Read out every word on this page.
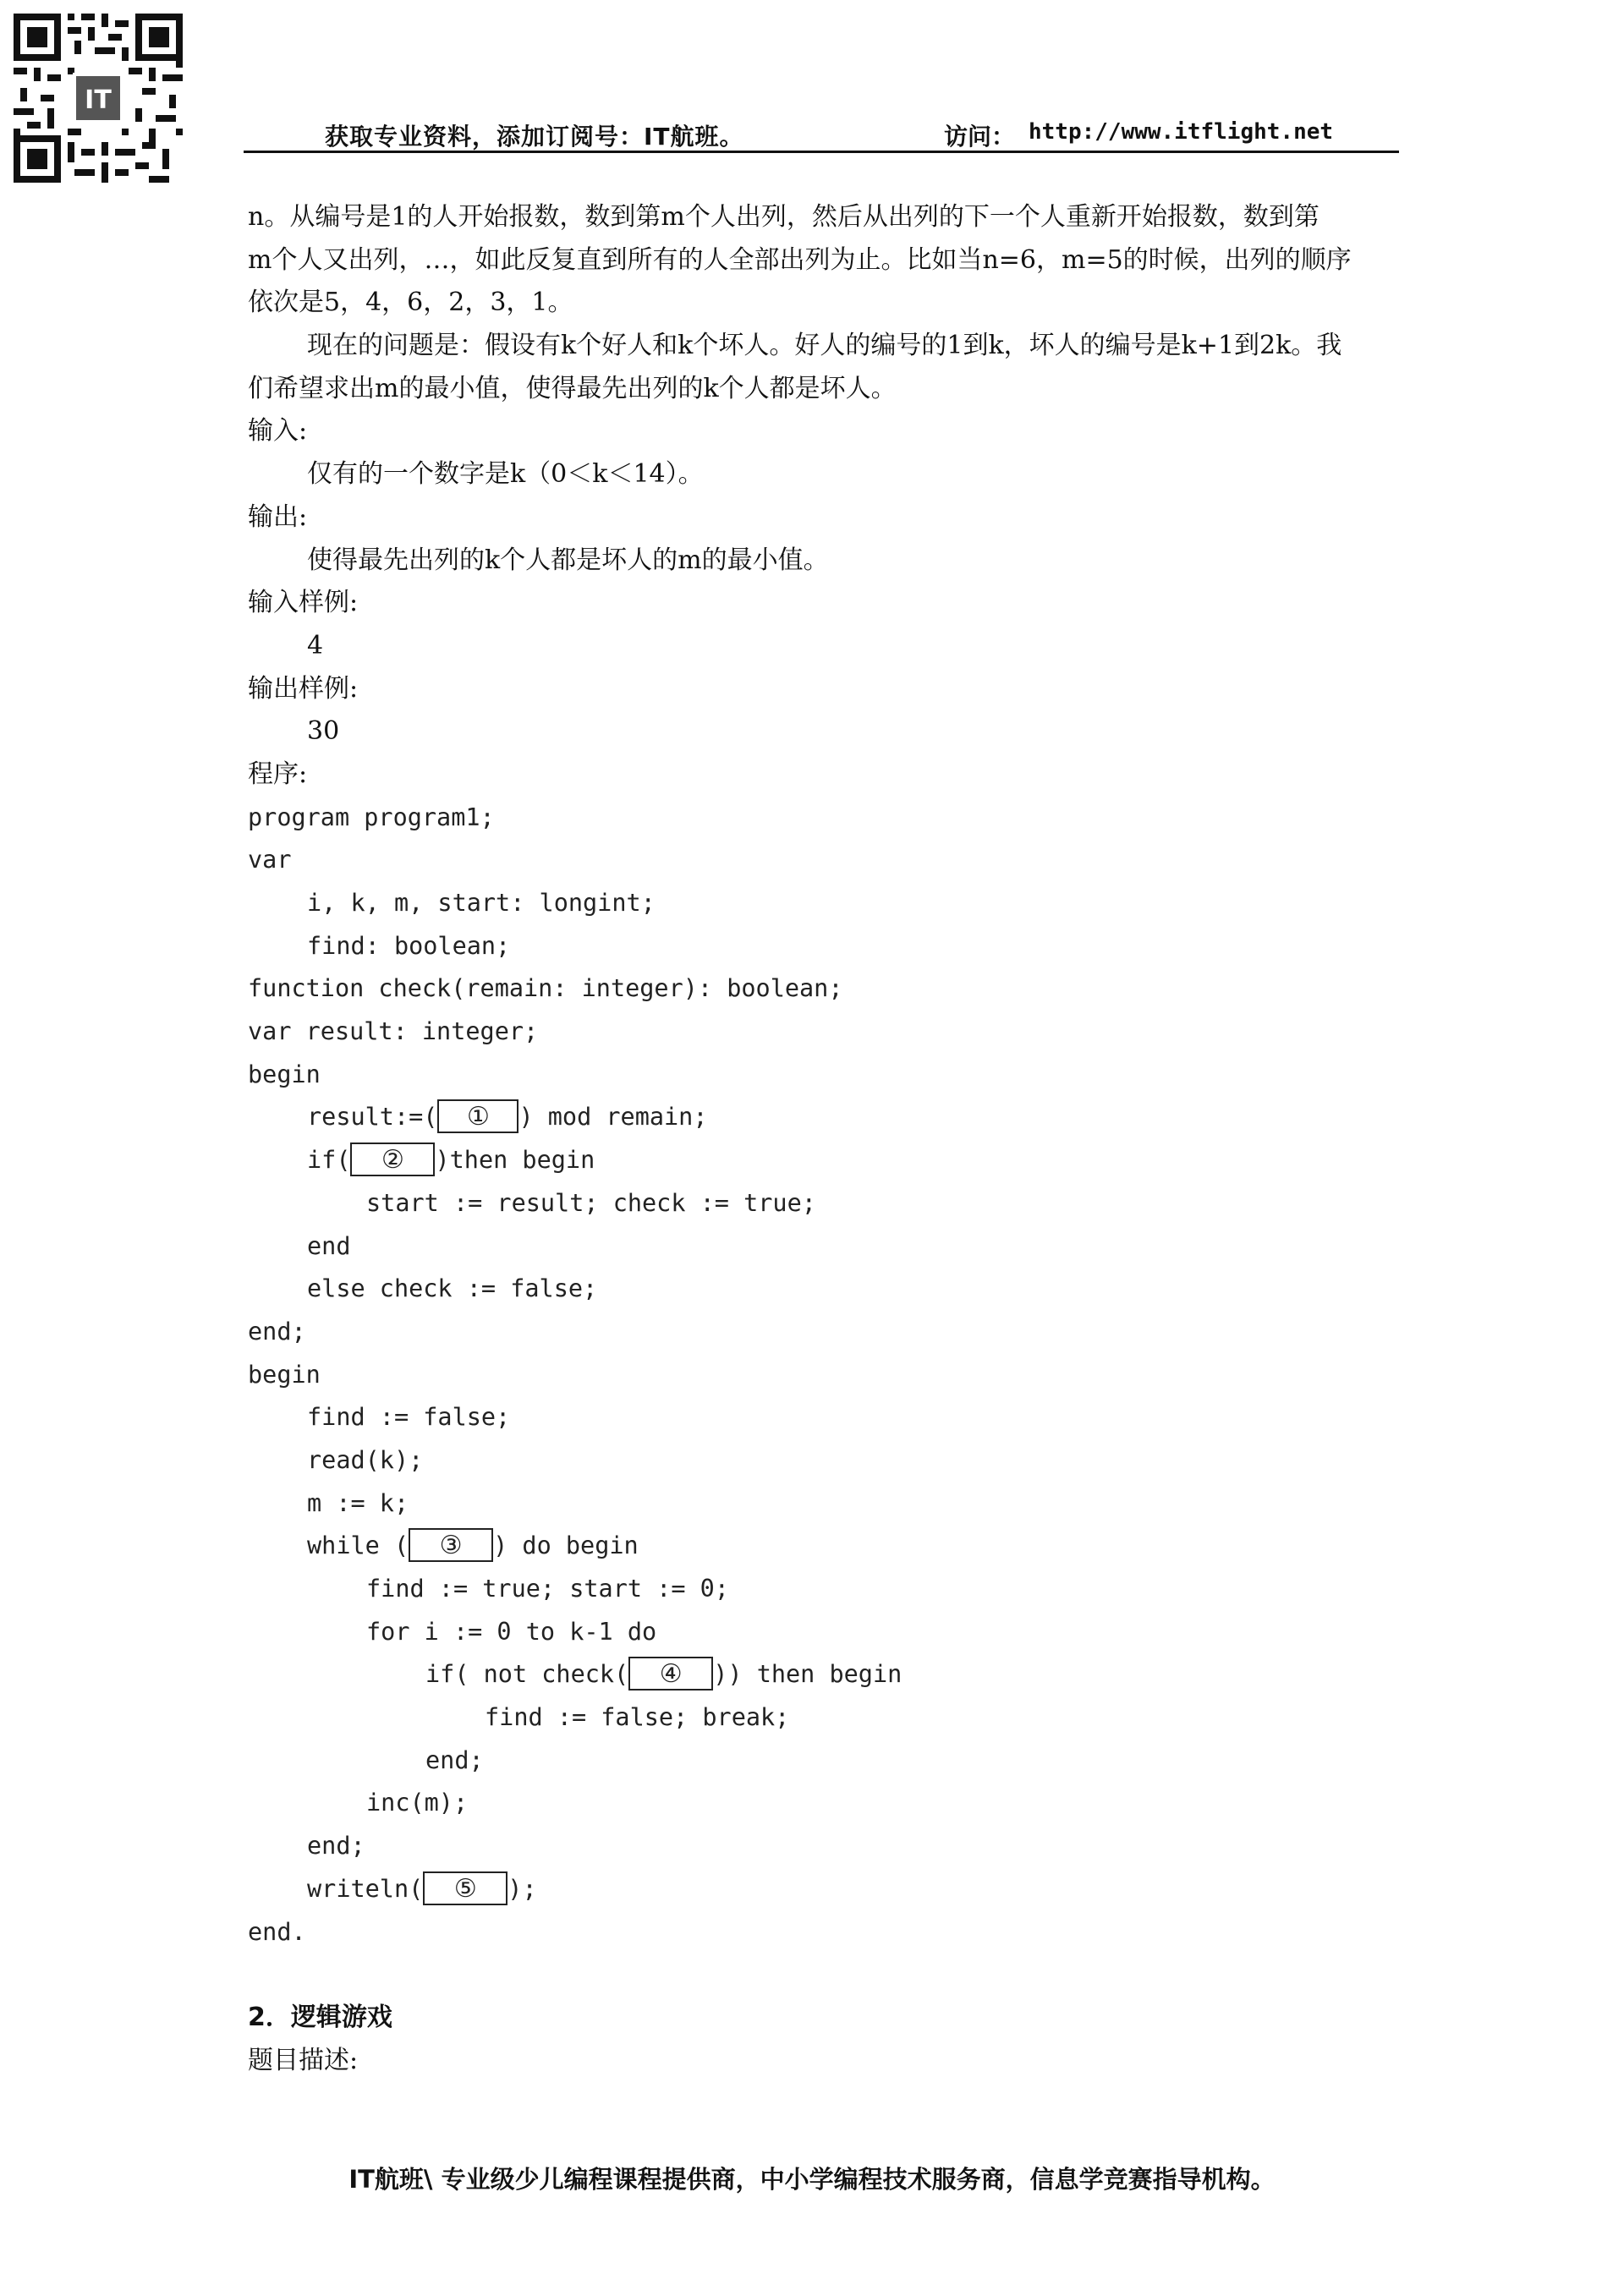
IT
获取专业资料，添加订阅号：IT航班。	访问： http://www.itflight.net
n。从编号是1的人开始报数，数到第m个人出列，然后从出列的下一个人重新开始报数，数到第
m个人又出列，…，如此反复直到所有的人全部出列为止。比如当n=6，m=5的时候，出列的顺序
依次是5，4，6，2，3，1。
现在的问题是：假设有k个好人和k个坏人。好人的编号的1到k，坏人的编号是k+1到2k。我
们希望求出m的最小值，使得最先出列的k个人都是坏人。
输入:
仅有的一个数字是k（0＜k＜14）。
输出:
使得最先出列的k个人都是坏人的m的最小值。
输入样例:
4
输出样例:
30
程序:
program program1;
var
i, k, m, start: longint;
find: boolean;
function check(remain: integer): boolean;
var result: integer;
begin
result:=( ① ) mod remain;
if( ② )then begin
start := result; check := true;
end
else check := false;
end;
begin
find := false;
read(k);
m := k;
while ( ③ ) do begin
find := true; start := 0;
for i := 0 to k-1 do
if( not check( ④ )) then begin
find := false; break;
end;
inc(m);
end;
writeln( ⑤ );
end.
2．逻辑游戏
题目描述:
IT航班\ 专业级少儿编程课程提供商，中小学编程技术服务商，信息学竞赛指导机构。
